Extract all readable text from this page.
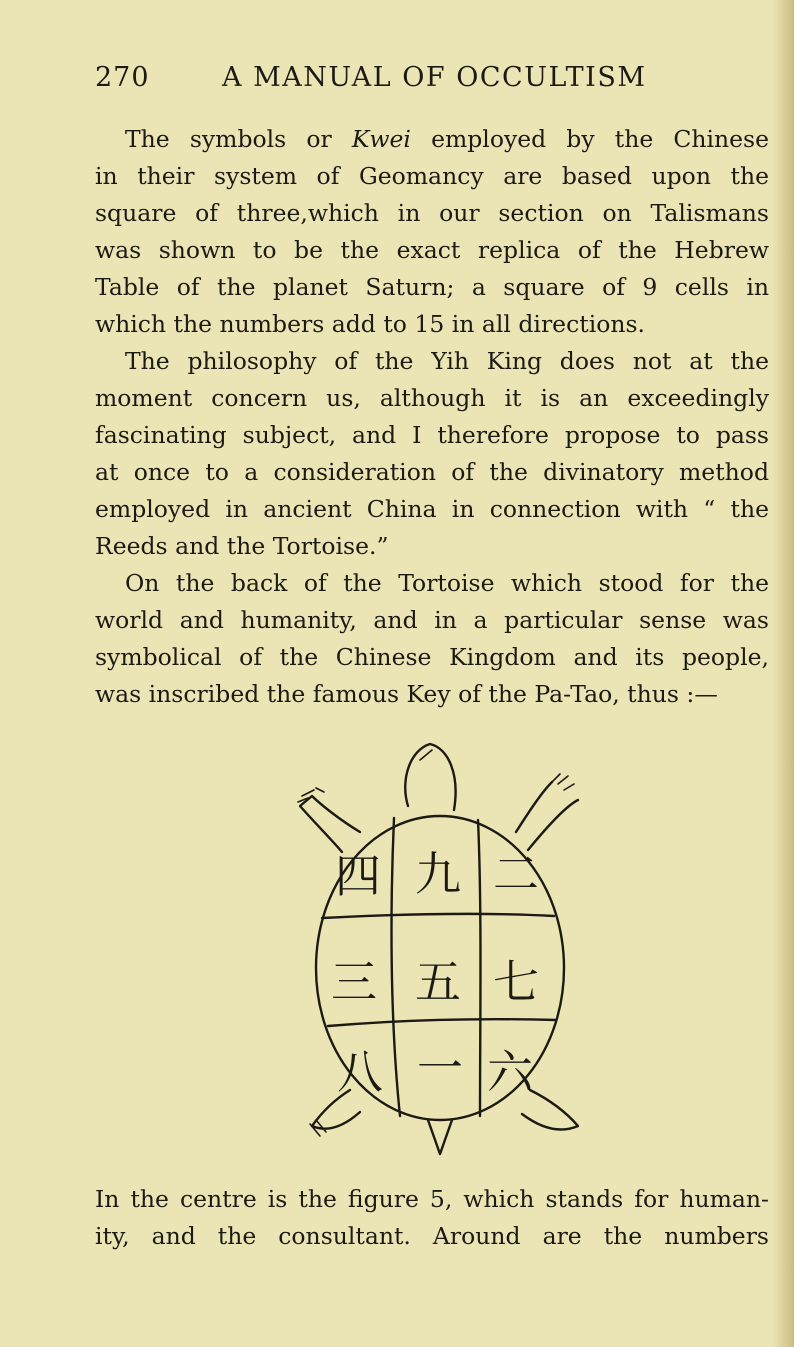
270	A MANUAL OF OCCULTISM
The symbols or Kwei employed by the Chinese
in their system of Geomancy are based upon the
square of three,which in our section on Talismans
was shown to be the exact replica of the Hebrew
Table of the planet Saturn; a square of 9 cells in
which the numbers add to 15 in all directions.
The philosophy of the Yih King does not at the
moment concern us, although it is an exceedingly
fascinating subject, and I therefore propose to pass
at once to a consideration of the divinatory method
employed in ancient China in connection with “ the
Reeds and the Tortoise.”
On the back of the Tortoise which stood for the
world and humanity, and in a particular sense was
symbolical of the Chinese Kingdom and its people,
was inscribed the famous Key of the Pa-Tao, thus :—
四 九 二
三 五 七
八 一 六
In the centre is the figure 5, which stands for human-
ity, and the consultant. Around are the numbers
